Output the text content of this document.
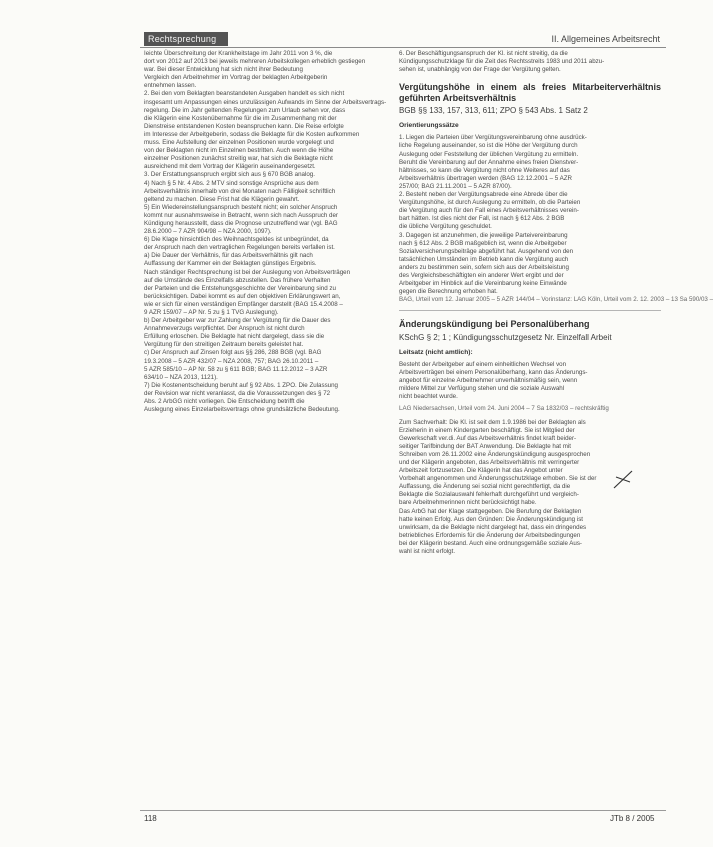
Rechtsprechung	II. Allgemeines Arbeitsrecht
Ieichte Überschreitung der Krankheitstage im Jahr 2011 von 3 %, die
dort von 2012 auf 2013 bei jeweils mehreren Arbeitskollegen erheblich gestiegen
war. Bei dieser Entwicklung hat sich nicht ihrer Bedeutung
Vergleich den Arbeitnehmer im Vortrag der beklagten Arbeitgeberin
entnehmen lassen.
2. Bei den vom Beklagten beanstandeten Ausgaben handelt es sich nicht
insgesamt um Anpassungen eines unzulässigen Aufwands im Sinne der Arbeitsvertrags-
regelung. Die im Jahr geltenden Regelungen zum Urlaub sehen vor, dass
die Klägerin eine Kostenübernahme für die im Zusammenhang mit der
Dienstreise entstandenen Kosten beanspruchen kann. Die Reise erfolgte
im Interesse der Arbeitgeberin, sodass die Beklagte für die Kosten aufkommen
muss. Eine Aufstellung der einzelnen Positionen wurde vorgelegt und
von der Beklagten nicht im Einzelnen bestritten. Auch wenn die Höhe
einzelner Positionen zunächst streitig war, hat sich die Beklagte nicht
ausreichend mit dem Vortrag der Klägerin auseinandergesetzt.
3. Der Erstattungsanspruch ergibt sich aus § 670 BGB analog.
4) Nach § 5 Nr. 4 Abs. 2 MTV sind sonstige Ansprüche aus dem
Arbeitsverhältnis innerhalb von drei Monaten nach Fälligkeit schriftlich
geltend zu machen. Diese Frist hat die Klägerin gewahrt.
5) Ein Wiedereinstellungsanspruch besteht nicht; ein solcher Anspruch
kommt nur ausnahmsweise in Betracht, wenn sich nach Ausspruch der
Kündigung herausstellt, dass die Prognose unzutreffend war (vgl. BAG
28.6.2000 – 7 AZR 904/98 – NZA 2000, 1097).
6) Die Klage hinsichtlich des Weihnachtsgeldes ist unbegründet, da
der Anspruch nach den vertraglichen Regelungen bereits verfallen ist.
a) Die Dauer der Verhältnis, für das Arbeitsverhältnis gilt nach
Auffassung der Kammer ein der Beklagten günstiges Ergebnis.
Nach ständiger Rechtsprechung ist bei der Auslegung von Arbeitsverträgen
auf die Umstände des Einzelfalls abzustellen. Das frühere Verhalten
der Parteien und die Entstehungsgeschichte der Vereinbarung sind zu
berücksichtigen. Dabei kommt es auf den objektiven Erklärungswert an,
wie er sich für einen verständigen Empfänger darstellt (BAG 15.4.2008 –
9 AZR 159/07 – AP Nr. 5 zu § 1 TVG Auslegung).
b) Der Arbeitgeber war zur Zahlung der Vergütung für die Dauer des
Annahmeverzugs verpflichtet. Der Anspruch ist nicht durch
Erfüllung erloschen. Die Beklagte hat nicht dargelegt, dass sie die
Vergütung für den streitigen Zeitraum bereits geleistet hat.
c) Der Anspruch auf Zinsen folgt aus §§ 286, 288 BGB (vgl. BAG
19.3.2008 – 5 AZR 432/07 – NZA 2008, 757; BAG 26.10.2011 –
5 AZR 585/10 – AP Nr. 58 zu § 611 BGB; BAG 11.12.2012 – 3 AZR
634/10 – NZA 2013, 1121).
7) Die Kostenentscheidung beruht auf § 92 Abs. 1 ZPO. Die Zulassung
der Revision war nicht veranlasst, da die Voraussetzungen des § 72
Abs. 2 ArbGG nicht vorliegen. Die Entscheidung betrifft die
Auslegung eines Einzelarbeitsvertrags ohne grundsätzliche Bedeutung.
6. Der Beschäftigungsanspruch der Kl. ist nicht streitig, da die
Kündigungsschutzklage für die Zeit des Rechtsstreits 1983 und 2011 abzu-
sehen ist, unabhängig von der Frage der Vergütung gelten.
Vergütungshöhe in einem als freies Mitarbeiterverhältnis geführten Arbeitsverhältnis
BGB §§ 133, 157, 313, 611; ZPO § 543 Abs. 1 Satz 2
Orientierungssätze
1. Liegen die Parteien über Vergütungsvereinbarung ohne ausdrück-
liche Regelung auseinander, so ist die Höhe der Vergütung durch
Auslegung oder Feststellung der üblichen Vergütung zu ermitteln.
Beruht die Vereinbarung auf der Annahme eines freien Dienstver-
hältnisses, so kann die Vergütung nicht ohne Weiteres auf das
Arbeitsverhältnis übertragen werden (BAG 12.12.2001 – 5 AZR
257/00; BAG 21.11.2001 – 5 AZR 87/00).
2. Besteht neben der Vergütungsabrede eine Abrede über die
Vergütungshöhe, ist durch Auslegung zu ermitteln, ob die Parteien
die Vergütung auch für den Fall eines Arbeitsverhältnisses verein-
bart hätten. Ist dies nicht der Fall, ist nach § 612 Abs. 2 BGB
die übliche Vergütung geschuldet.
3. Dagegen ist anzunehmen, die jeweilige Parteivereinbarung
nach § 612 Abs. 2 BGB maßgeblich ist, wenn die Arbeitgeber
Sozialversicherungsbeiträge abgeführt hat. Ausgehend von den
tatsächlichen Umständen im Betrieb kann die Vergütung auch
anders zu bestimmen sein, sofern sich aus der Arbeitsleistung
des Vergleichsbeschäftigten ein anderer Wert ergibt und der
Arbeitgeber im Hinblick auf die Vereinbarung keine Einwände
gegen die Berechnung erhoben hat.
BAG, Urteil vom 12. Januar 2005 – 5 AZR 144/04 – Vorinstanz: LAG Köln, Urteil vom 2. 12. 2003 – 13 Sa 590/03 –
Änderungskündigung bei Personalüberhang
KSchG § 2; 1 ; Kündigungsschutzgesetz Nr. Einzelfall Arbeit
Leitsatz (nicht amtlich):
Besteht der Arbeitgeber auf einem einheitlichen Wechsel von
Arbeitsverträgen bei einem Personalüberhang, kann das Änderungs-
angebot für einzelne Arbeitnehmer unverhältnismäßig sein, wenn
mildere Mittel zur Verfügung stehen und die soziale Auswahl
nicht beachtet wurde.
LAG Niedersachsen, Urteil vom 24. Juni 2004 – 7 Sa 1832/03 – rechtskräftig
Zum Sachverhalt: Die Kl. ist seit dem 1.9.1986 bei der Beklagten als
Erzieherin in einem Kindergarten beschäftigt. Sie ist Mitglied der
Gewerkschaft ver.di. Auf das Arbeitsverhältnis findet kraft beider-
seitiger Tarifbindung der BAT Anwendung. Die Beklagte hat mit
Schreiben vom 26.11.2002 eine Änderungskündigung ausgesprochen
und der Klägerin angeboten, das Arbeitsverhältnis mit verringerter
Arbeitszeit fortzusetzen. Die Klägerin hat das Angebot unter
Vorbehalt angenommen und Änderungsschutzklage erhoben. Sie ist der
Auffassung, die Änderung sei sozial nicht gerechtfertigt, da die
Beklagte die Sozialauswahl fehlerhaft durchgeführt und vergleich-
bare Arbeitnehmerinnen nicht berücksichtigt habe.
Das ArbG hat der Klage stattgegeben. Die Berufung der Beklagten
hatte keinen Erfolg. Aus den Gründen: Die Änderungskündigung ist
unwirksam, da die Beklagte nicht dargelegt hat, dass ein dringendes
betriebliches Erfordernis für die Änderung der Arbeitsbedingungen
bei der Klägerin bestand. Auch eine ordnungsgemäße soziale Aus-
wahl ist nicht erfolgt.
118	JTb 8 / 2005
